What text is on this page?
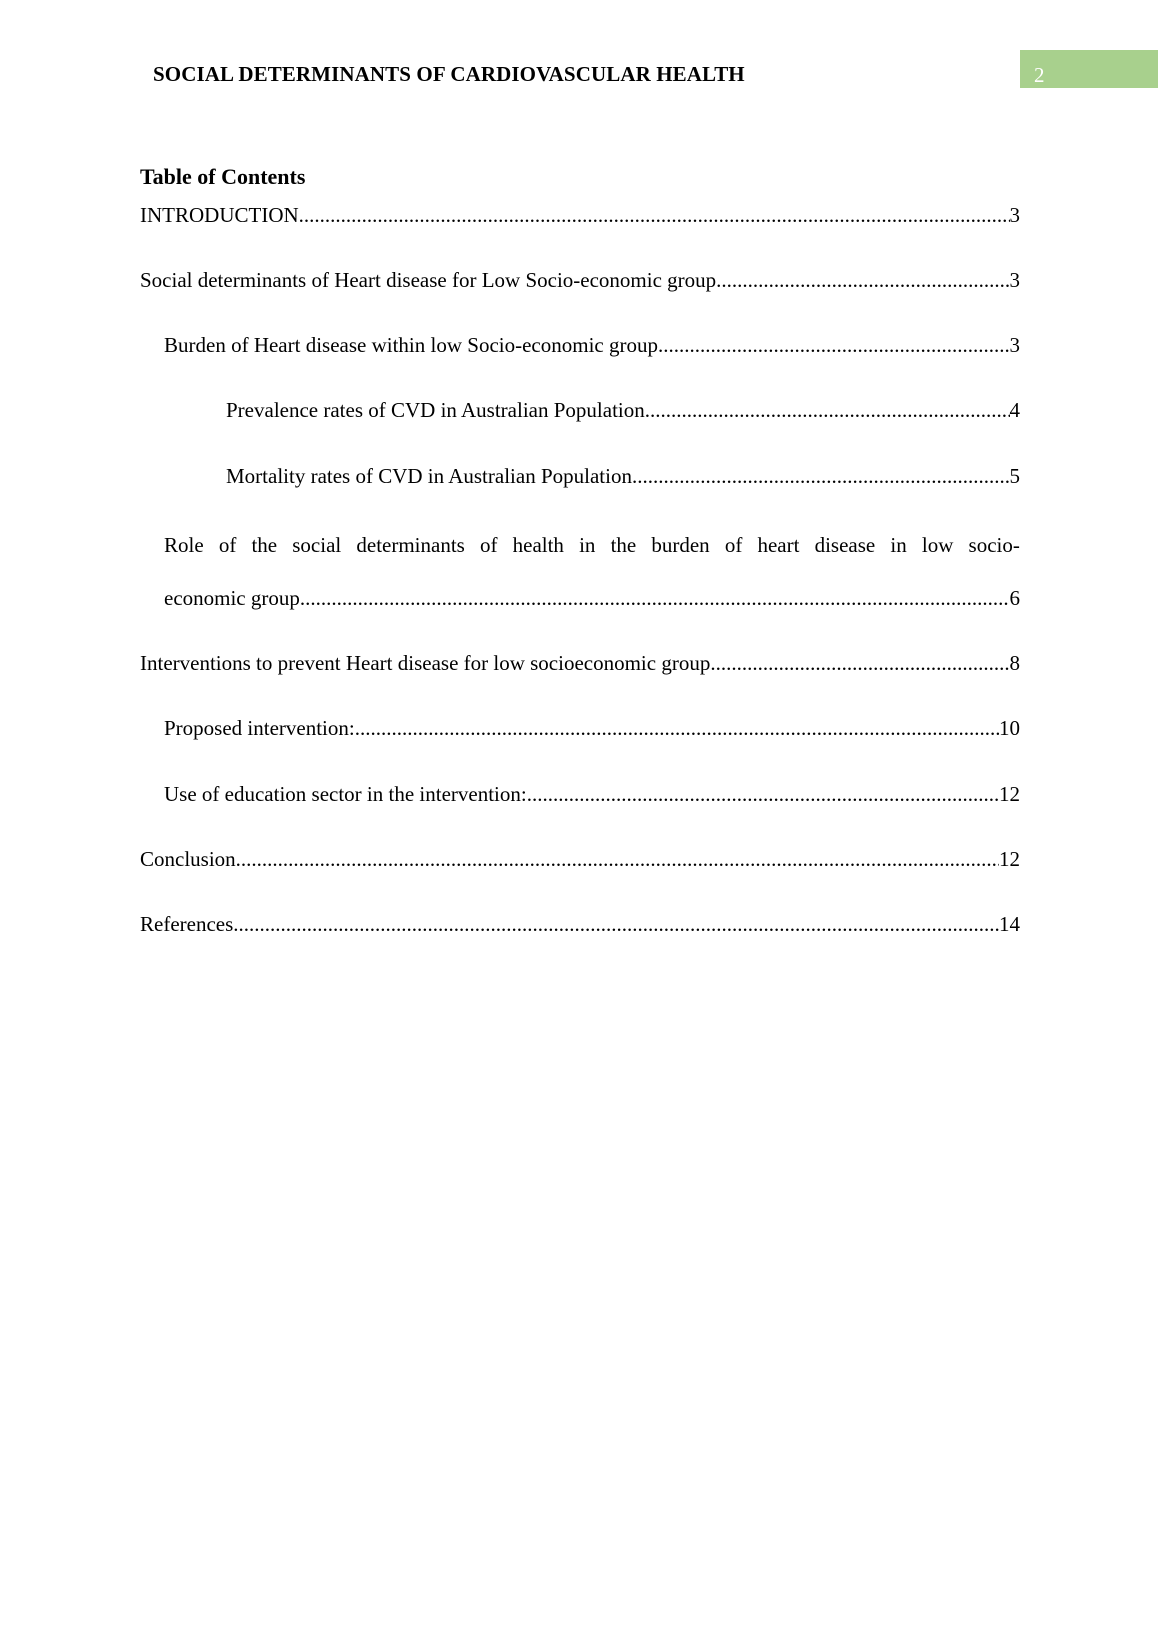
SOCIAL DETERMINANTS OF CARDIOVASCULAR HEALTH	2
Table of Contents
INTRODUCTION .....	3
Social determinants of Heart disease for Low Socio-economic group .....	3
Burden of Heart disease within low Socio-economic group .....	3
Prevalence rates of CVD in Australian Population .....	4
Mortality rates of CVD in Australian Population .....	5
Role of the social determinants of health in the burden of heart disease in low socio-
economic group .....	6
Interventions to prevent Heart disease for low socioeconomic group .....	8
Proposed intervention: .....	10
Use of education sector in the intervention: .....	12
Conclusion .....	12
References .....	14
